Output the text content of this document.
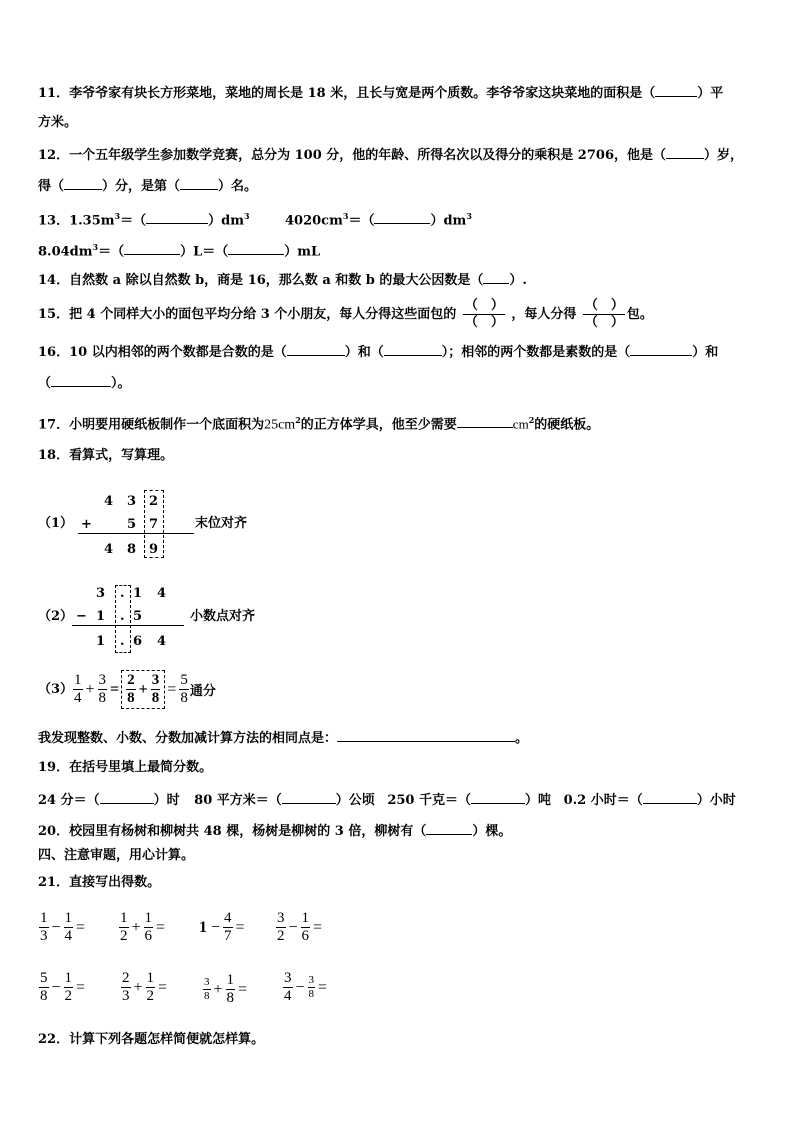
11．李爷爷家有块长方形菜地，菜地的周长是 18 米，且长与宽是两个质数。李爷爷家这块菜地的面积是（	）平
方米。
12．一个五年级学生参加数学竞赛，总分为 100 分，他的年龄、所得名次以及得分的乘积是 2706，他是（	）岁，
得（	）分，是第（	）名。
13．$1.35m^3=$（	）$dm^3$	$4020cm^3=$（	）$dm^3$
$8.04dm^3=$（	）L＝（	）mL
14．自然数 a 除以自然数 b，商是 16，那么数 a 和数 b 的最大公因数是（ ）.
15．把 4 个同样大小的面包平均分给 3 个小朋友，每人分得这些面包的 $\frac{( )}{( )}$ ，每人分得 $\frac{( )}{( )}$ 包。
16．10 以内相邻的两个数都是合数的是（	）和（	）；相邻的两个数都是素数的是（	）和
（	）。
17．小明要用硬纸板制作一个底面积为$25cm^2$的正方体学具，他至少需要	$cm^2$的硬纸板。
18．看算式，写算理。
（1）
4 3 2
+	5 7
4 8 9
末位对齐
（2）
3 . 1 4
− 1 . 5
1 . 6 4
小数点对齐
$(3) \frac{1}{4} + \frac{3}{8} = \frac{2}{8} + \frac{3}{8} = \frac{5}{8}$ 通分
我发现整数、小数、分数加减计算方法的相同点是：	。
19．在括号里填上最简分数。
24 分＝（	）时 80 平方米＝（	）公顷 250 千克＝（	）吨 0.2 小时＝（	）小时
20．校园里有杨树和柳树共 48 棵，杨树是柳树的 3 倍，柳树有（	）棵。
四、注意审题，用心计算。
21．直接写出得数。
$\frac{1}{3} - \frac{1}{4} = \frac{1}{2} + \frac{1}{6} = 1 - \frac{4}{7} = \frac{3}{2} - \frac{1}{6}$ =
$\frac{5}{8} - \frac{1}{2} = \frac{2}{3} + \frac{1}{2}$ =	$\frac{3}{8} + \frac{1}{8} = \frac{3}{4} - \frac{3}{8}$ =
22．计算下列各题怎样简便就怎样算。
